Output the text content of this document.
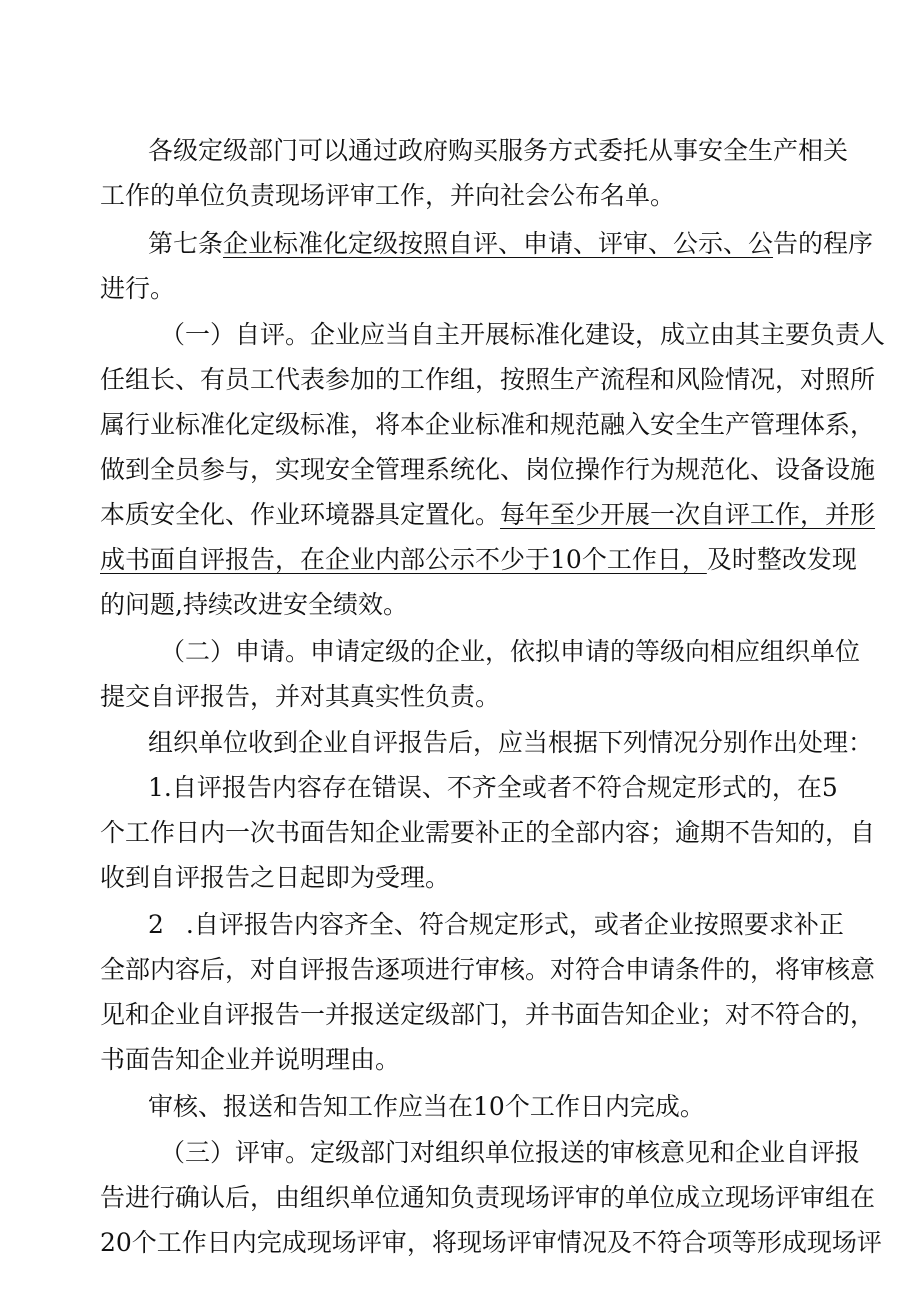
各级定级部门可以通过政府购买服务方式委托从事安全生产相关
工作的单位负责现场评审工作，并向社会公布名单。
第七条企业标准化定级按照自评、申请、评审、公示、公告的程序
进行。
（一）自评。企业应当自主开展标准化建设，成立由其主要负责人
任组长、有员工代表参加的工作组，按照生产流程和风险情况，对照所
属行业标准化定级标准，将本企业标准和规范融入安全生产管理体系，
做到全员参与，实现安全管理系统化、岗位操作行为规范化、设备设施
本质安全化、作业环境器具定置化。每年至少开展一次自评工作，并形
成书面自评报告，在企业内部公示不少于10个工作日，及时整改发现
的问题,持续改进安全绩效。
（二）申请。申请定级的企业，依拟申请的等级向相应组织单位
提交自评报告，并对其真实性负责。
组织单位收到企业自评报告后，应当根据下列情况分别作出处理：
1.自评报告内容存在错误、不齐全或者不符合规定形式的，在5
个工作日内一次书面告知企业需要补正的全部内容；逾期不告知的，自
收到自评报告之日起即为受理。
2 .自评报告内容齐全、符合规定形式，或者企业按照要求补正
全部内容后，对自评报告逐项进行审核。对符合申请条件的，将审核意
见和企业自评报告一并报送定级部门，并书面告知企业；对不符合的，
书面告知企业并说明理由。
审核、报送和告知工作应当在10个工作日内完成。
（三）评审。定级部门对组织单位报送的审核意见和企业自评报
告进行确认后，由组织单位通知负责现场评审的单位成立现场评审组在
20个工作日内完成现场评审，将现场评审情况及不符合项等形成现场评
